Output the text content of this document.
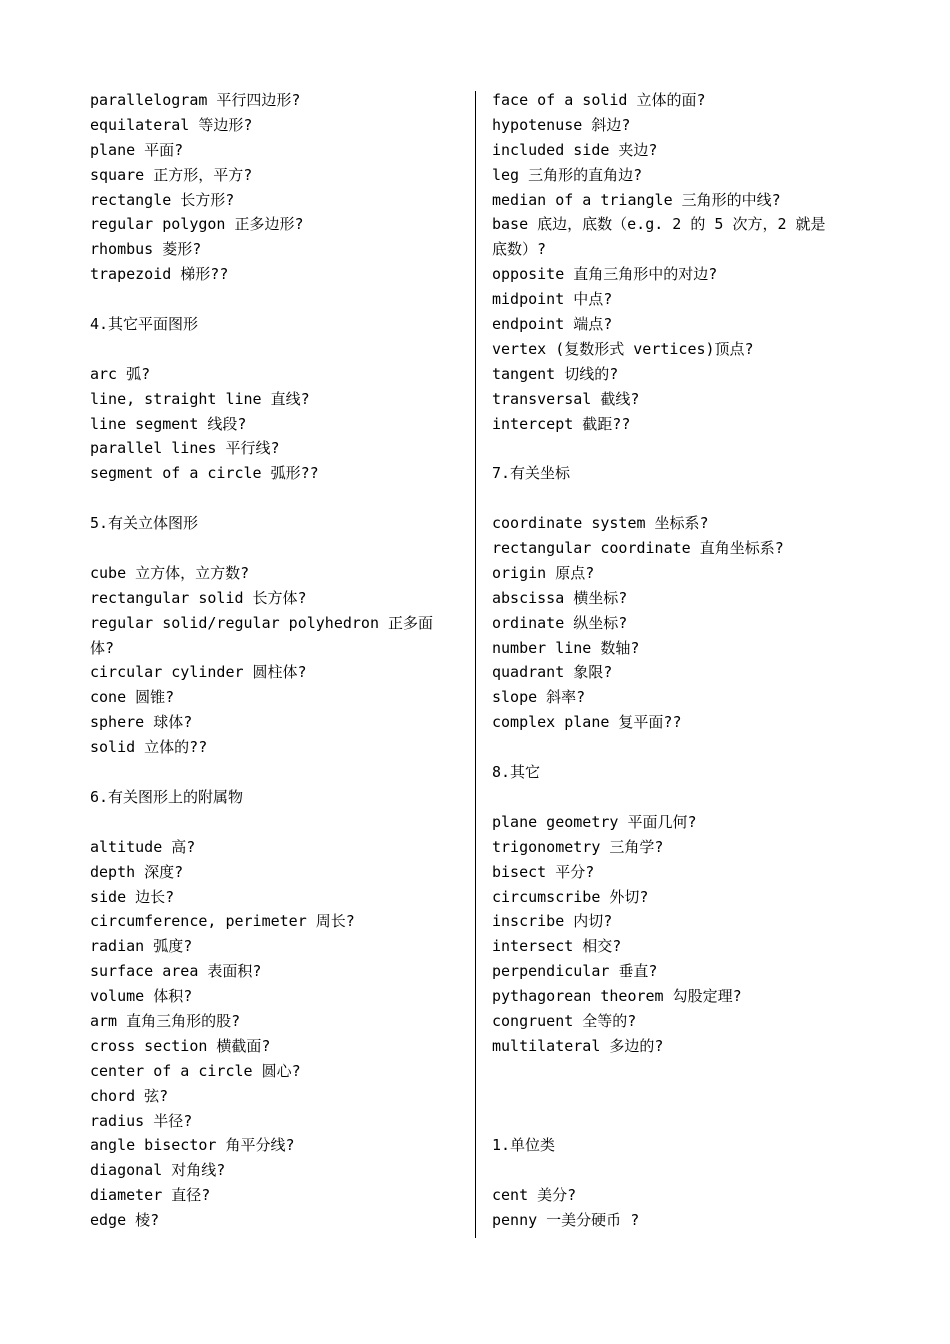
parallelogram 平行四边形?
equilateral 等边形?
plane 平面?
square 正方形，平方?
rectangle 长方形?
regular polygon 正多边形?
rhombus 菱形?
trapezoid 梯形??
4.其它平面图形
arc 弧?
line, straight line 直线?
line segment 线段?
parallel lines 平行线?
segment of a circle 弧形??
5.有关立体图形
cube 立方体，立方数?
rectangular solid 长方体?
regular solid/regular polyhedron 正多面
体?
circular cylinder 圆柱体?
cone 圆锥?
sphere 球体?
solid 立体的??
6.有关图形上的附属物
altitude 高?
depth 深度?
side 边长?
circumference, perimeter 周长?
radian 弧度?
surface area 表面积?
volume 体积?
arm 直角三角形的股?
cross section 横截面?
center of a circle 圆心?
chord 弦?
radius 半径?
angle bisector 角平分线?
diagonal 对角线?
diameter 直径?
edge 棱?
face of a solid 立体的面?
hypotenuse 斜边?
included side 夹边?
leg 三角形的直角边?
median of a triangle 三角形的中线?
base 底边，底数（e.g. 2 的 5 次方，2 就是
底数）?
opposite 直角三角形中的对边?
midpoint 中点?
endpoint 端点?
vertex (复数形式 vertices)顶点?
tangent 切线的?
transversal 截线?
intercept 截距??
7.有关坐标
coordinate system 坐标系?
rectangular coordinate 直角坐标系?
origin 原点?
abscissa 横坐标?
ordinate 纵坐标?
number line 数轴?
quadrant 象限?
slope 斜率?
complex plane 复平面??
8.其它
plane geometry 平面几何?
trigonometry 三角学?
bisect 平分?
circumscribe 外切?
inscribe 内切?
intersect 相交?
perpendicular 垂直?
pythagorean theorem 勾股定理?
congruent 全等的?
multilateral 多边的?
1.单位类
cent 美分?
penny 一美分硬币 ?
